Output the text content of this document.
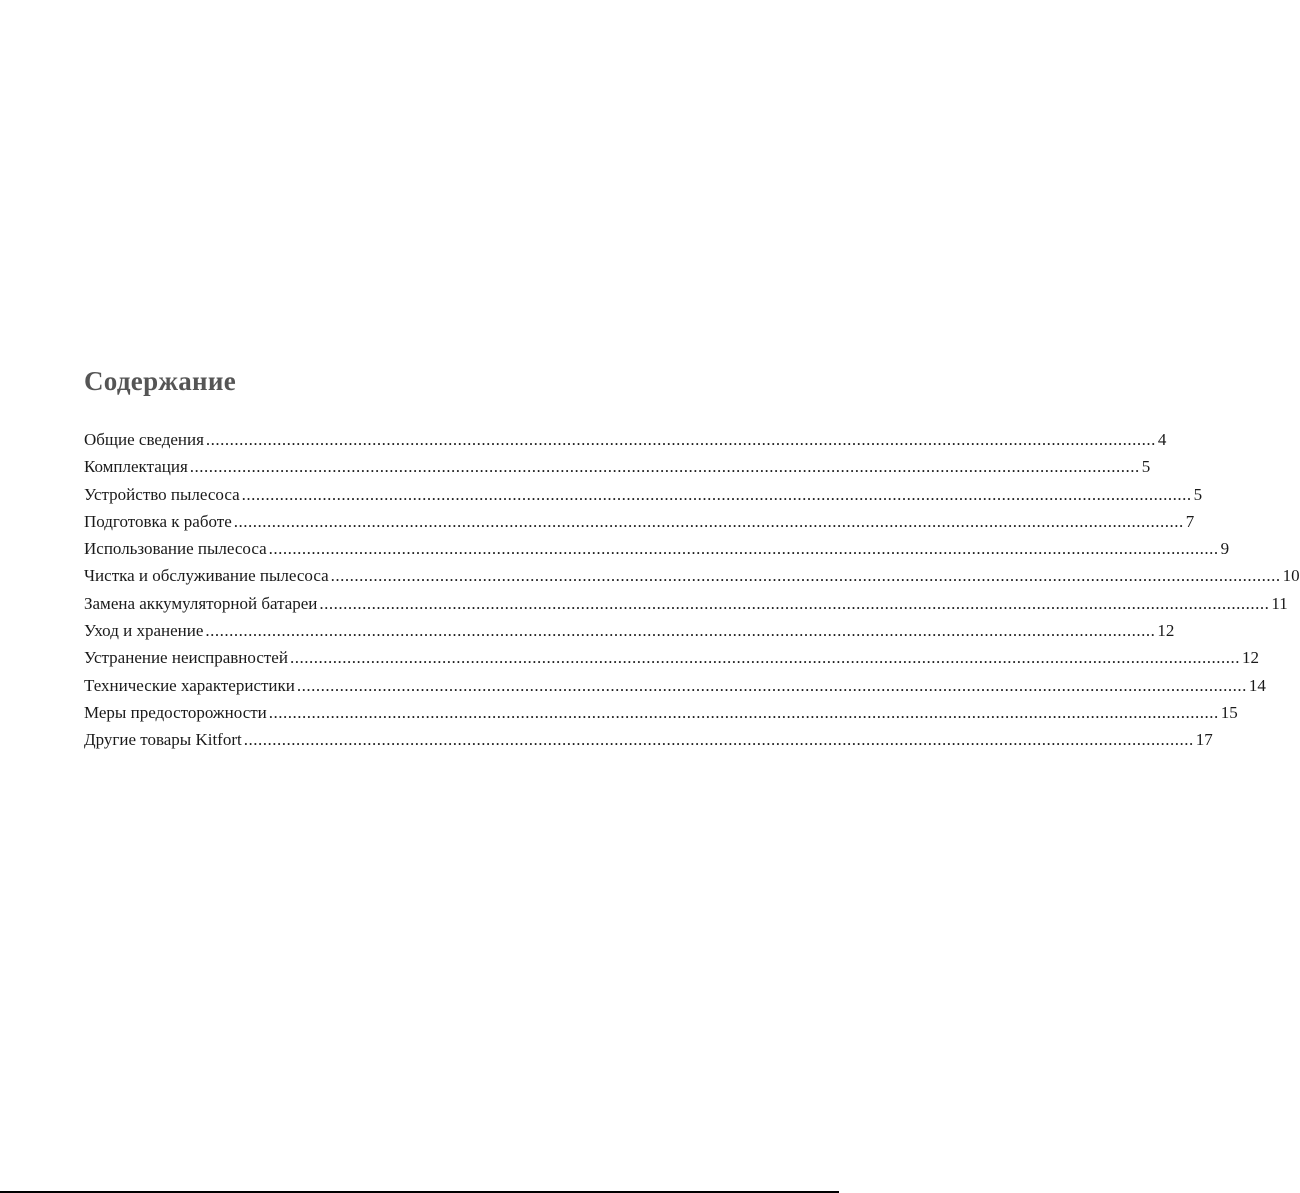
Содержание
Общие сведения ........................................................................................................................................................................................................ 4
Комплектация ........................................................................................................................................................................................................ 5
Устройство пылесоса ........................................................................................................................................................................................................ 5
Подготовка к работе ........................................................................................................................................................................................................ 7
Использование пылесоса ........................................................................................................................................................................................................ 9
Чистка и обслуживание пылесоса ........................................................................................................................................................................................................ 10
Замена аккумуляторной батареи ........................................................................................................................................................................................................ 11
Уход и хранение ........................................................................................................................................................................................................ 12
Устранение неисправностей ........................................................................................................................................................................................................ 12
Технические характеристики ........................................................................................................................................................................................................ 14
Меры предосторожности ........................................................................................................................................................................................................ 15
Другие товары Kitfort ........................................................................................................................................................................................................ 17
